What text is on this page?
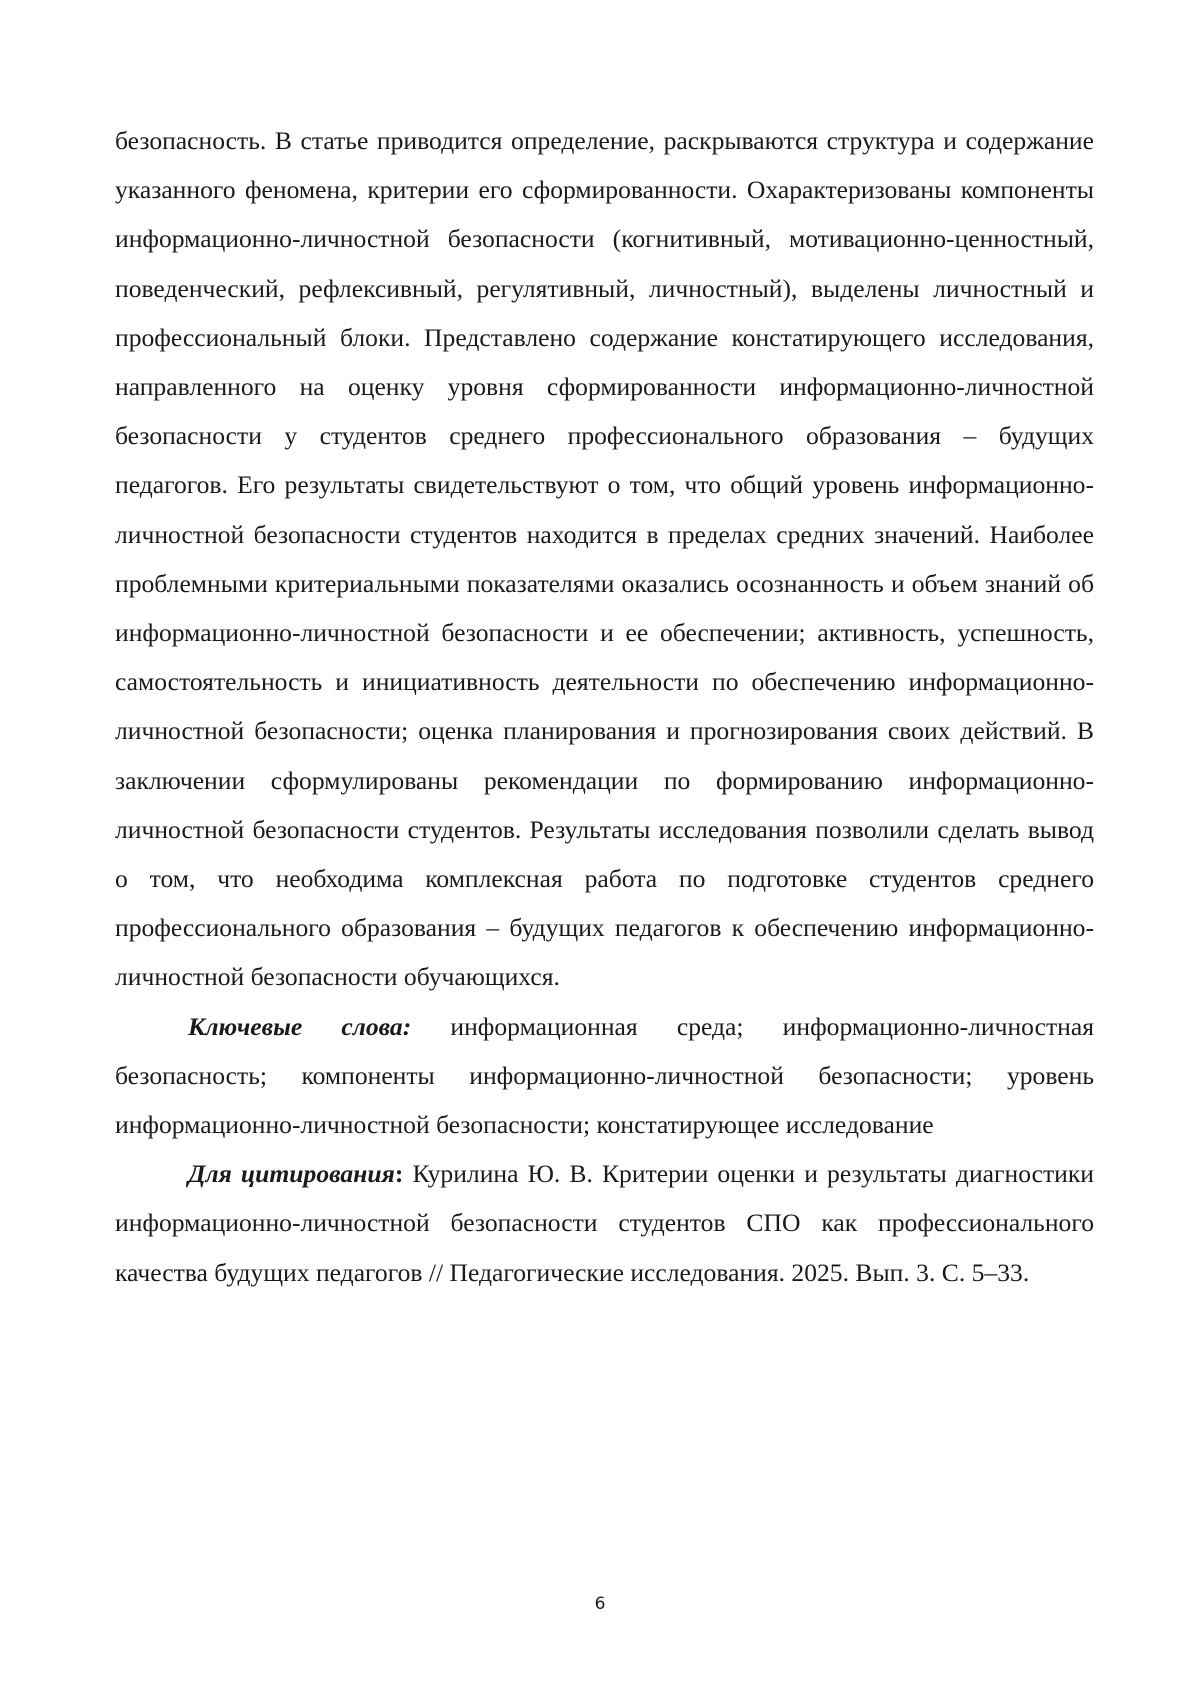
безопасность. В статье приводится определение, раскрываются структура и содержание указанного феномена, критерии его сформированности. Охарактеризованы компоненты информационно-личностной безопасности (когнитивный, мотивационно-ценностный, поведенческий, рефлексивный, регулятивный, личностный), выделены личностный и профессиональный блоки. Представлено содержание констатирующего исследования, направленного на оценку уровня сформированности информационно-личностной безопасности у студентов среднего профессионального образования – будущих педагогов. Его результаты свидетельствуют о том, что общий уровень информационно-личностной безопасности студентов находится в пределах средних значений. Наиболее проблемными критериальными показателями оказались осознанность и объем знаний об информационно-личностной безопасности и ее обеспечении; активность, успешность, самостоятельность и инициативность деятельности по обеспечению информационно-личностной безопасности; оценка планирования и прогнозирования своих действий. В заключении сформулированы рекомендации по формированию информационно-личностной безопасности студентов. Результаты исследования позволили сделать вывод о том, что необходима комплексная работа по подготовке студентов среднего профессионального образования – будущих педагогов к обеспечению информационно-личностной безопасности обучающихся.

Ключевые слова: информационная среда; информационно-личностная безопасность; компоненты информационно-личностной безопасности; уровень информационно-личностной безопасности; констатирующее исследование

Для цитирования: Курилина Ю. В. Критерии оценки и результаты диагностики информационно-личностной безопасности студентов СПО как профессионального качества будущих педагогов // Педагогические исследования. 2025. Вып. 3. С. 5–33.

6
